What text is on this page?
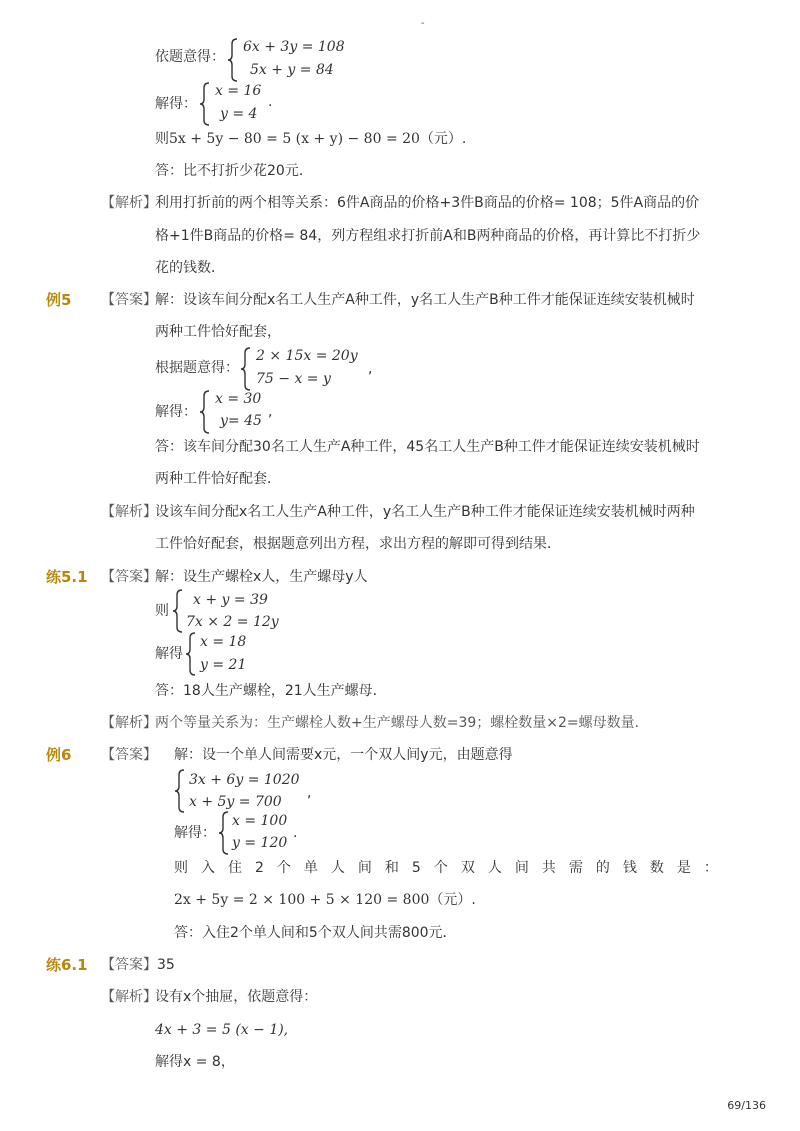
-
依题意得：
6x + 3y = 108
5x + y = 84
解得：
x = 16
y = 4
.
则5x + 5y − 80 = 5 (x + y) − 80 = 20（元）.
答：比不打折少花20元．
【解析】
利用打折前的两个相等关系：6件A商品的价格+3件B商品的价格= 108；5件A商品的价
格+1件B商品的价格= 84，列方程组求打折前A和B两种商品的价格，再计算比不打折少
花的钱数．
例5 【答案】
解：设该车间分配x名工人生产A种工件，y名工人生产B种工件才能保证连续安装机械时
两种工件恰好配套，
根据题意得：
2 × 15x = 20y
75 − x = y
,
解得：
x = 30
y= 45
,
答：该车间分配30名工人生产A种工件，45名工人生产B种工件才能保证连续安装机械时
两种工件恰好配套．
【解析】
设该车间分配x名工人生产A种工件，y名工人生产B种工件才能保证连续安装机械时两种
工件恰好配套，根据题意列出方程，求出方程的解即可得到结果．
练5.1 【答案】
解：设生产螺栓x人，生产螺母y人
则
x + y = 39
7x × 2 = 12y
解得
x = 18
y = 21
答：18人生产螺栓，21人生产螺母．
【解析】
两个等量关系为：生产螺栓人数+生产螺母人数=39；螺栓数量×2=螺母数量.
例6 【答案】 解：设一个单人间需要x元，一个双人间y元，由题意得
3x + 6y = 1020
x + 5y = 700
,
解得：
x = 100
y = 120
.
则入住2个单人间和5个双人间共需的钱数是：
2x + 5y = 2 × 100 + 5 × 120 = 800（元）.
答：入住2个单人间和5个双人间共需800元．
练6.1 【答案】 35
【解析】
设有x个抽屉，依题意得：
4x + 3 = 5 (x − 1),
解得x = 8，
69/136
